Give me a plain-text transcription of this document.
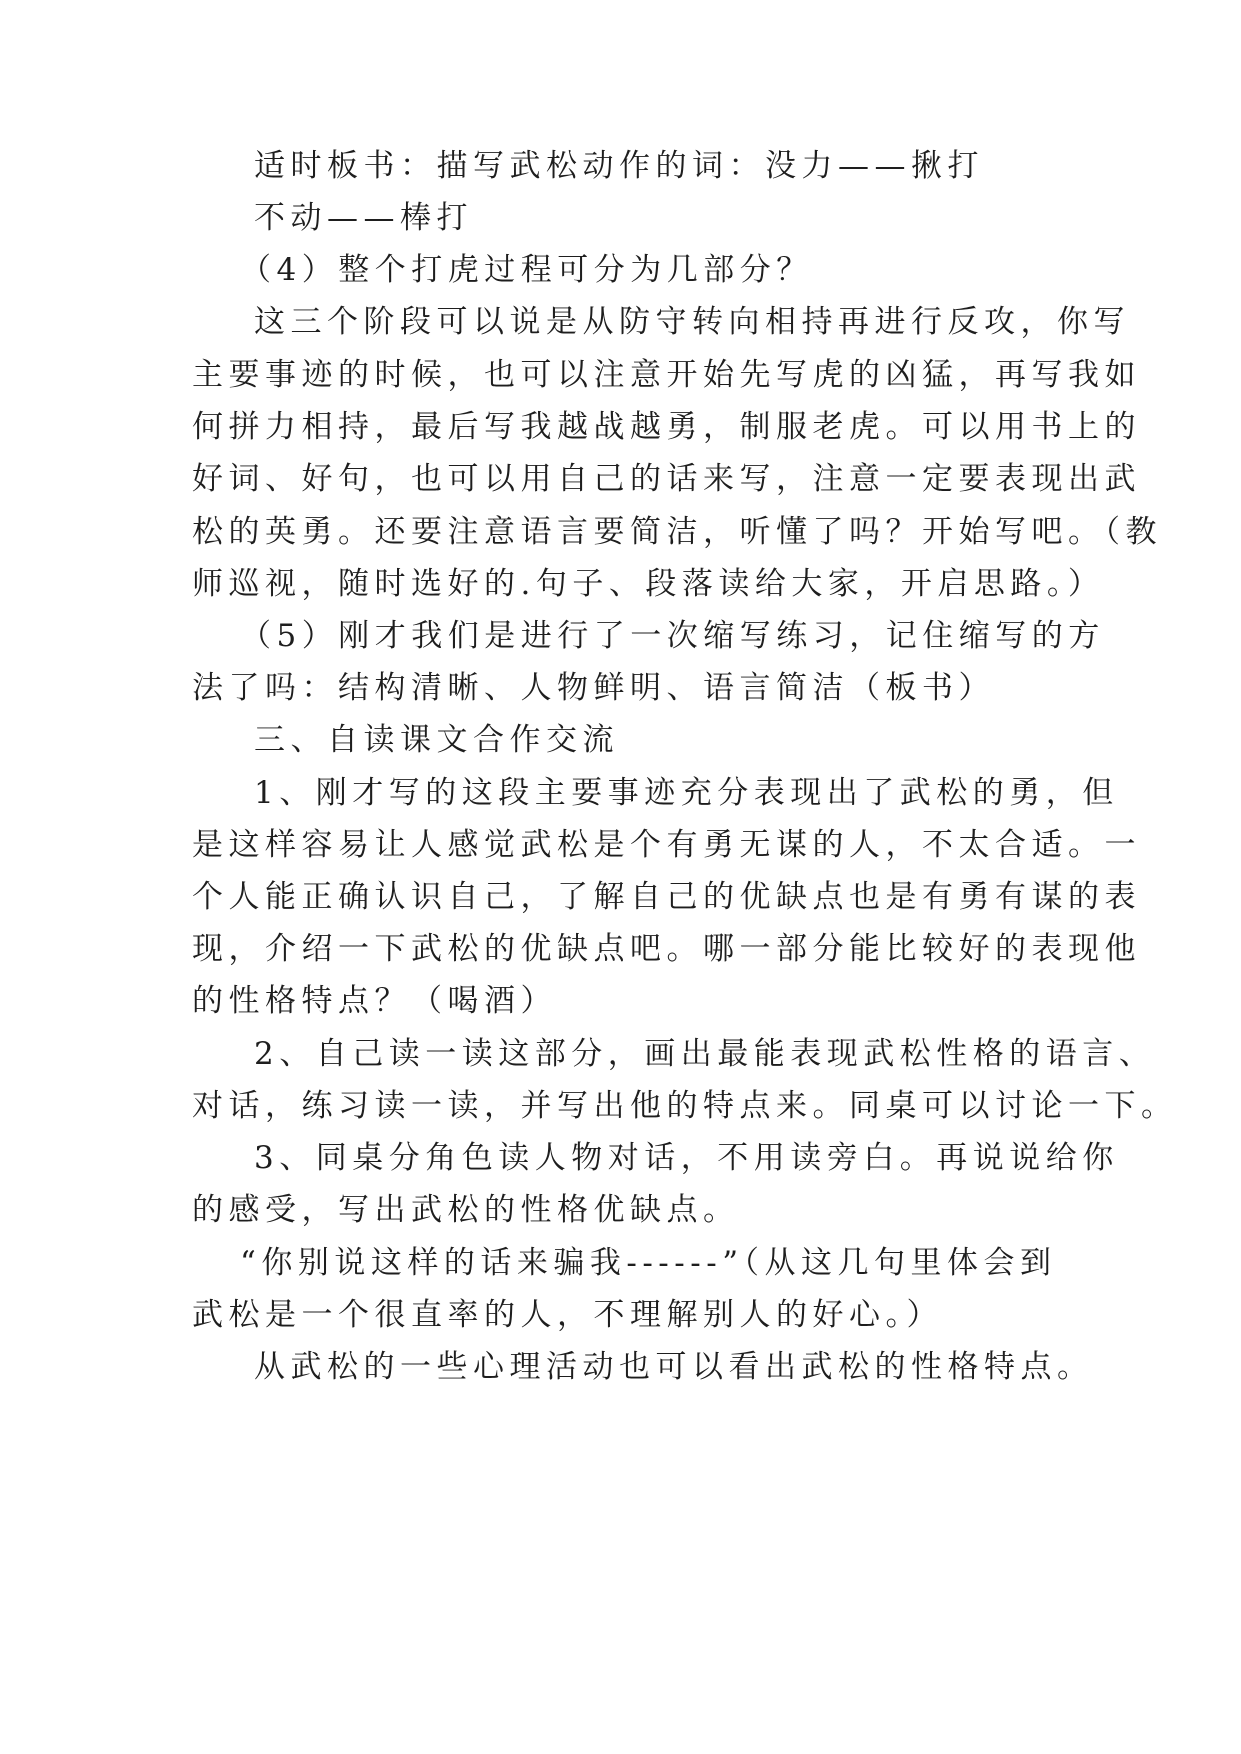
适时板书：描写武松动作的词：没力——揪打
不动——棒打
（4）整个打虎过程可分为几部分？
这三个阶段可以说是从防守转向相持再进行反攻，你写
主要事迹的时候，也可以注意开始先写虎的凶猛，再写我如
何拼力相持，最后写我越战越勇，制服老虎。可以用书上的
好词、好句，也可以用自己的话来写，注意一定要表现出武
松的英勇。还要注意语言要简洁，听懂了吗？开始写吧。（教
师巡视，随时选好的.句子、段落读给大家，开启思路。）
（5）刚才我们是进行了一次缩写练习，记住缩写的方
法了吗：结构清晰、人物鲜明、语言简洁（板书）
三、自读课文合作交流
1、刚才写的这段主要事迹充分表现出了武松的勇，但
是这样容易让人感觉武松是个有勇无谋的人，不太合适。一
个人能正确认识自己，了解自己的优缺点也是有勇有谋的表
现，介绍一下武松的优缺点吧。哪一部分能比较好的表现他
的性格特点？（喝酒）
2、自己读一读这部分，画出最能表现武松性格的语言、
对话，练习读一读，并写出他的特点来。同桌可以讨论一下。
3、同桌分角色读人物对话，不用读旁白。再说说给你
的感受，写出武松的性格优缺点。
“你别说这样的话来骗我------”（从这几句里体会到
武松是一个很直率的人，不理解别人的好心。）
从武松的一些心理活动也可以看出武松的性格特点。
